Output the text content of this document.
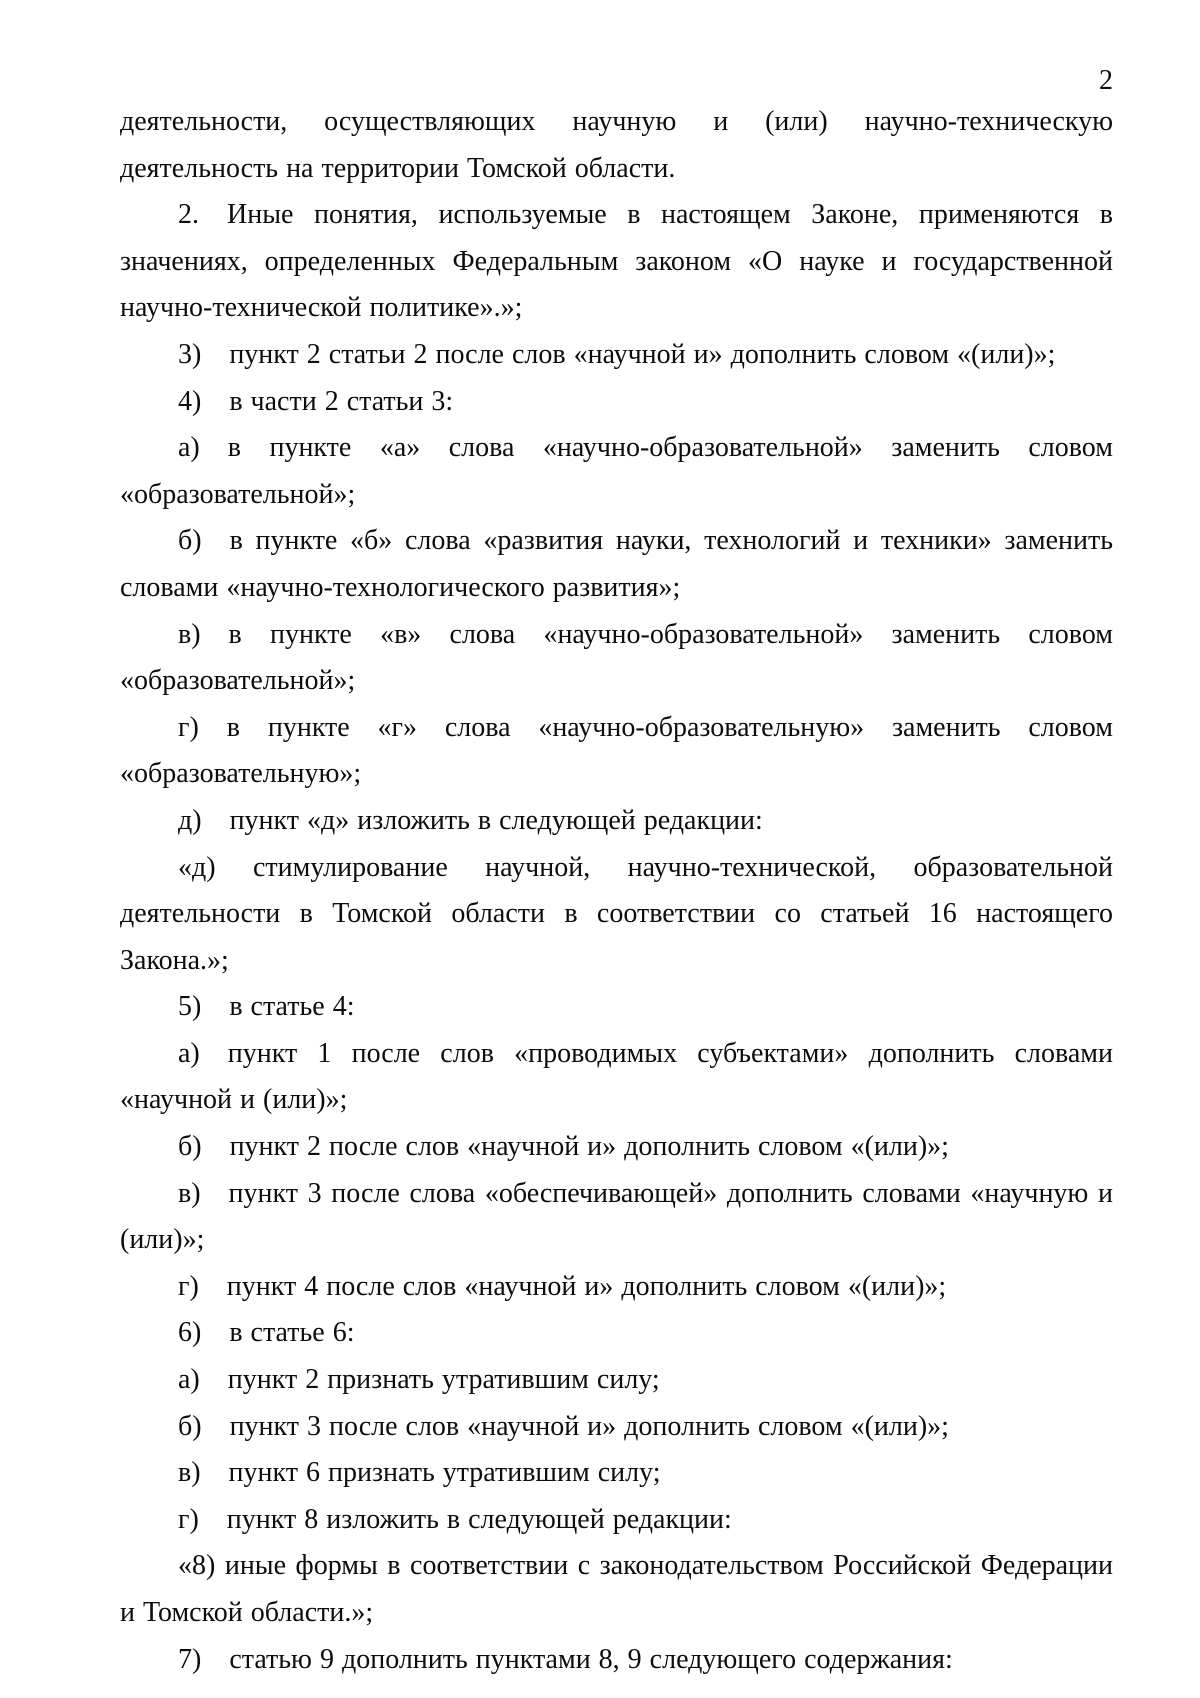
2

деятельности, осуществляющих научную и (или) научно-техническую деятельность на территории Томской области.

2. Иные понятия, используемые в настоящем Законе, применяются в значениях, определенных Федеральным законом «О науке и государственной научно-технической политике».»;

3) пункт 2 статьи 2 после слов «научной и» дополнить словом «(или)»;

4) в части 2 статьи 3:

а) в пункте «а» слова «научно-образовательной» заменить словом «образовательной»;

б) в пункте «б» слова «развития науки, технологий и техники» заменить словами «научно-технологического развития»;

в) в пункте «в» слова «научно-образовательной» заменить словом «образовательной»;

г) в пункте «г» слова «научно-образовательную» заменить словом «образовательную»;

д) пункт «д» изложить в следующей редакции:

«д) стимулирование научной, научно-технической, образовательной деятельности в Томской области в соответствии со статьей 16 настоящего Закона.»;

5) в статье 4:

а) пункт 1 после слов «проводимых субъектами» дополнить словами «научной и (или)»;

б) пункт 2 после слов «научной и» дополнить словом «(или)»;

в) пункт 3 после слова «обеспечивающей» дополнить словами «научную и (или)»;

г) пункт 4 после слов «научной и» дополнить словом «(или)»;

6) в статье 6:

а) пункт 2 признать утратившим силу;

б) пункт 3 после слов «научной и» дополнить словом «(или)»;

в) пункт 6 признать утратившим силу;

г) пункт 8 изложить в следующей редакции:

«8) иные формы в соответствии с законодательством Российской Федерации и Томской области.»;

7) статью 9 дополнить пунктами 8, 9 следующего содержания:
